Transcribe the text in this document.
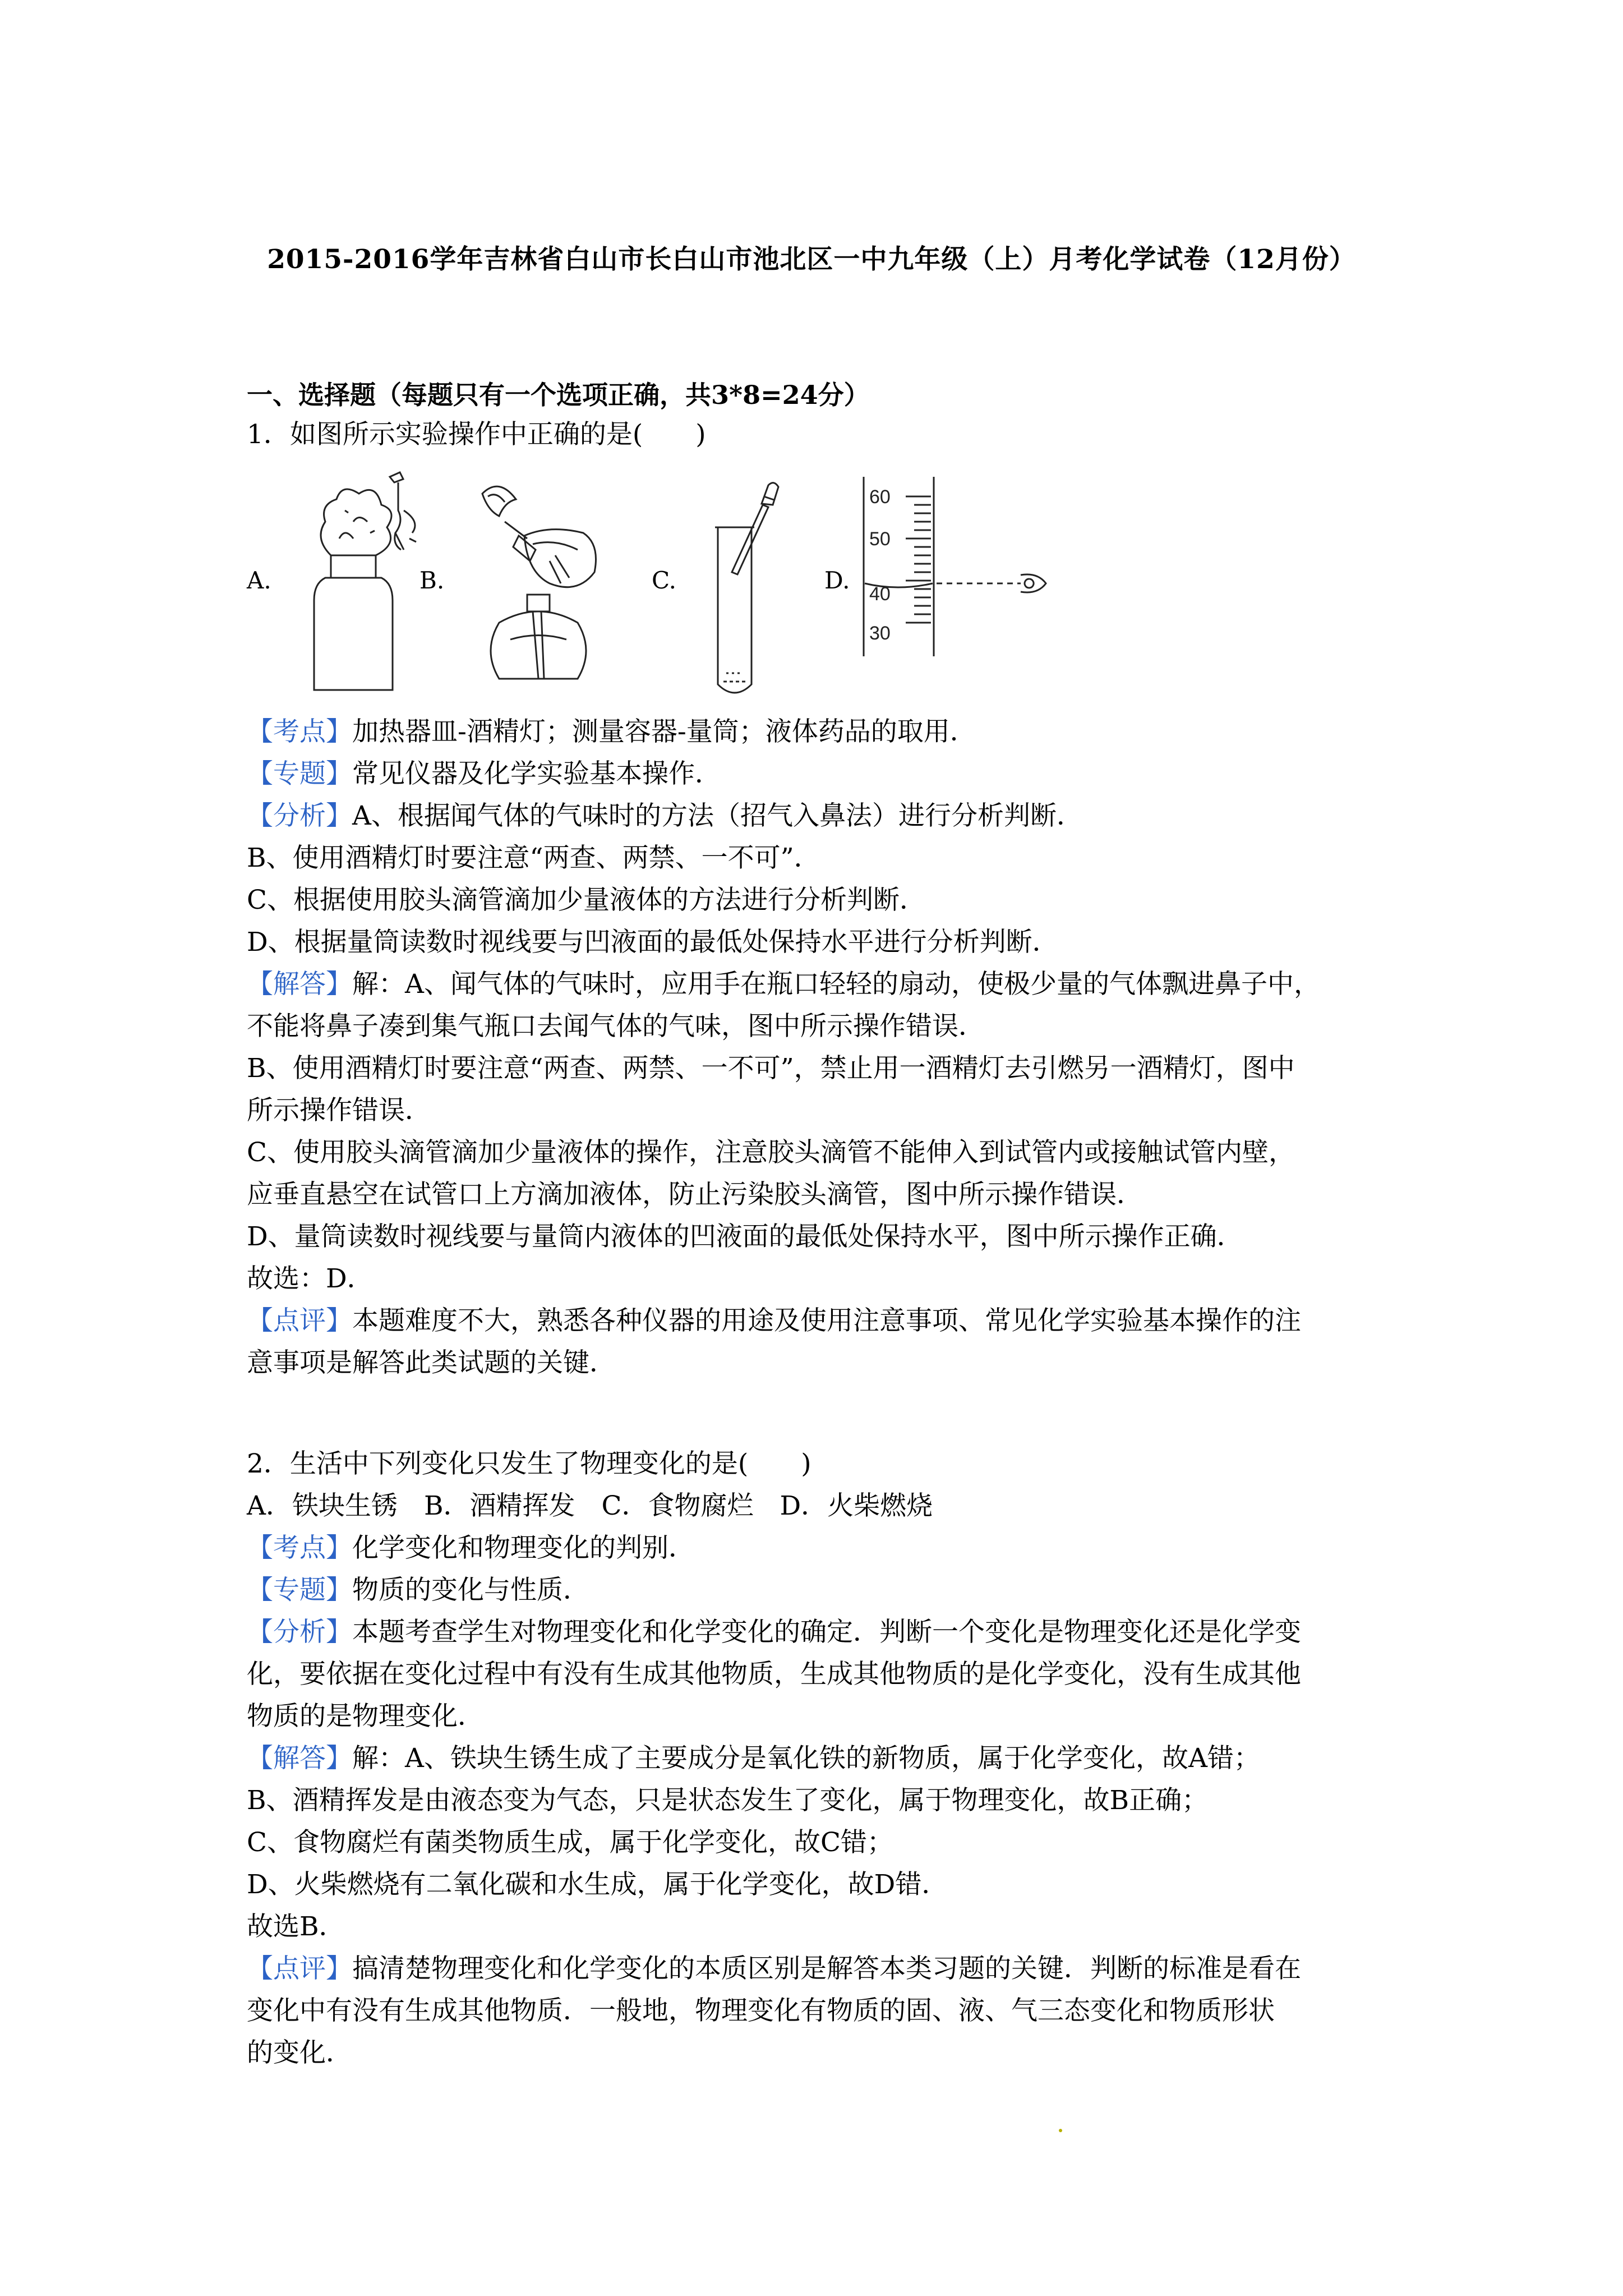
2015-2016学年吉林省白山市长白山市池北区一中九年级（上）月考化学试卷（12月份）
一、选择题（每题只有一个选项正确，共3*8=24分）
1．如图所示实验操作中正确的是(　　)
A.	B.	C.	D.
60
50
40
30
【考点】加热器皿-酒精灯；测量容器-量筒；液体药品的取用．
【专题】常见仪器及化学实验基本操作．
【分析】A、根据闻气体的气味时的方法（招气入鼻法）进行分析判断．
B、使用酒精灯时要注意“两查、两禁、一不可”．
C、根据使用胶头滴管滴加少量液体的方法进行分析判断．
D、根据量筒读数时视线要与凹液面的最低处保持水平进行分析判断．
【解答】解：A、闻气体的气味时，应用手在瓶口轻轻的扇动，使极少量的气体飘进鼻子中，
不能将鼻子凑到集气瓶口去闻气体的气味，图中所示操作错误．
B、使用酒精灯时要注意“两查、两禁、一不可”，禁止用一酒精灯去引燃另一酒精灯，图中
所示操作错误．
C、使用胶头滴管滴加少量液体的操作，注意胶头滴管不能伸入到试管内或接触试管内壁，
应垂直悬空在试管口上方滴加液体，防止污染胶头滴管，图中所示操作错误．
D、量筒读数时视线要与量筒内液体的凹液面的最低处保持水平，图中所示操作正确．
故选：D．
【点评】本题难度不大，熟悉各种仪器的用途及使用注意事项、常见化学实验基本操作的注
意事项是解答此类试题的关键．
2．生活中下列变化只发生了物理变化的是(　　)
A．铁块生锈　B．酒精挥发　C．食物腐烂　D．火柴燃烧
【考点】化学变化和物理变化的判别．
【专题】物质的变化与性质．
【分析】本题考查学生对物理变化和化学变化的确定．判断一个变化是物理变化还是化学变
化，要依据在变化过程中有没有生成其他物质，生成其他物质的是化学变化，没有生成其他
物质的是物理变化．
【解答】解：A、铁块生锈生成了主要成分是氧化铁的新物质，属于化学变化，故A错；
B、酒精挥发是由液态变为气态，只是状态发生了变化，属于物理变化，故B正确；
C、食物腐烂有菌类物质生成，属于化学变化，故C错；
D、火柴燃烧有二氧化碳和水生成，属于化学变化，故D错．
故选B．
【点评】搞清楚物理变化和化学变化的本质区别是解答本类习题的关键．判断的标准是看在
变化中有没有生成其他物质．一般地，物理变化有物质的固、液、气三态变化和物质形状
的变化．
